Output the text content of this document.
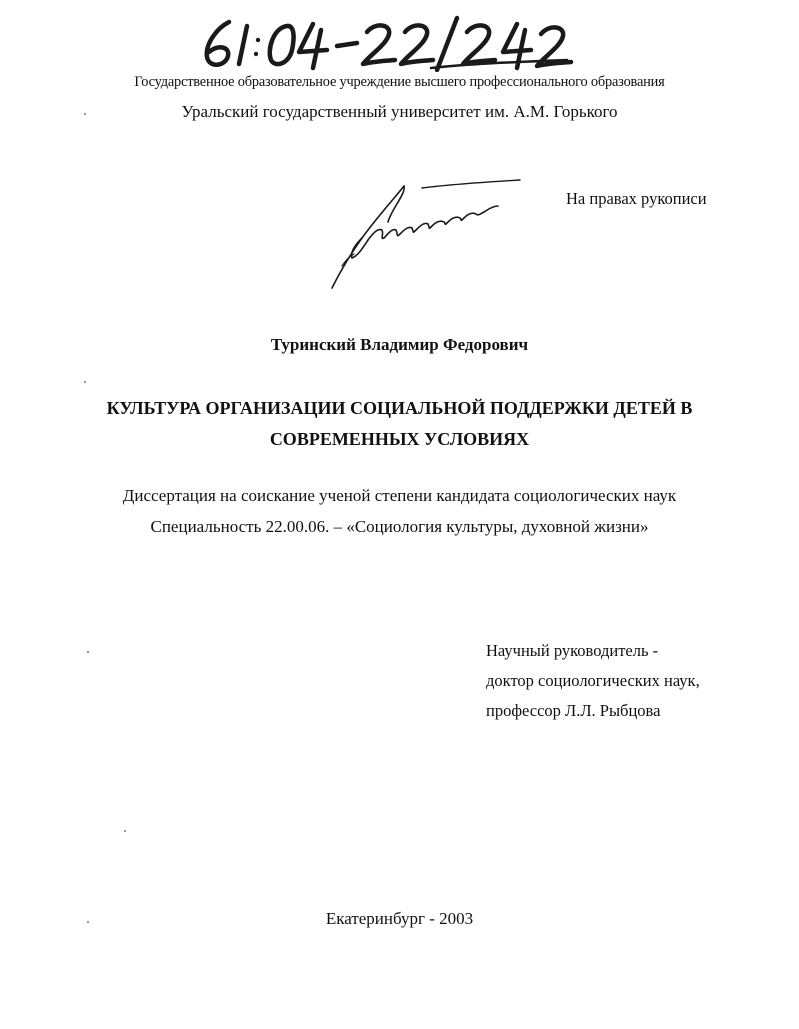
Государственное образовательное учреждение высшего профессионального образования
Уральский государственный университет им. А.М. Горького
На правах рукописи
Туринский Владимир Федорович
КУЛЬТУРА ОРГАНИЗАЦИИ СОЦИАЛЬНОЙ ПОДДЕРЖКИ ДЕТЕЙ В
СОВРЕМЕННЫХ УСЛОВИЯХ
Диссертация на соискание ученой степени кандидата социологических наук
Специальность 22.00.06. – «Социология культуры, духовной жизни»
Научный руководитель -
доктор социологических наук,
профессор Л.Л. Рыбцова
Екатеринбург - 2003
